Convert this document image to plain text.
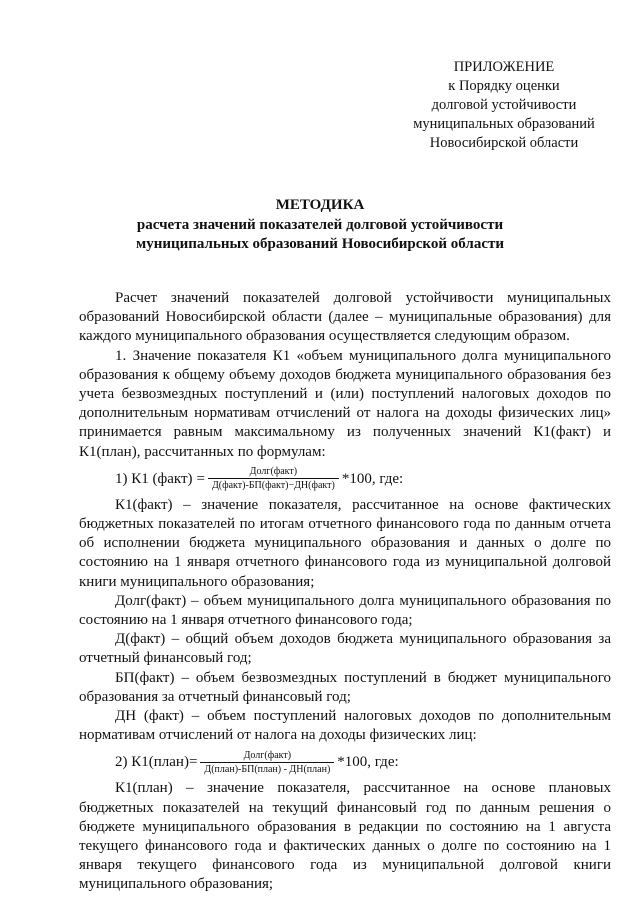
ПРИЛОЖЕНИЕ
к Порядку оценки
долговой устойчивости
муниципальных образований
Новосибирской области
МЕТОДИКА
расчета значений показателей долговой устойчивости
муниципальных образований Новосибирской области

Расчет значений показателей долговой устойчивости муниципальных образований Новосибирской области (далее – муниципальные образования) для каждого муниципального образования осуществляется следующим образом.

1. Значение показателя К1 «объем муниципального долга муниципального образования к общему объему доходов бюджета муниципального образования без учета безвозмездных поступлений и (или) поступлений налоговых доходов по дополнительным нормативам отчислений от налога на доходы физических лиц» принимается равным максимальному из полученных значений К1(факт) и К1(план), рассчитанных по формулам:

1) К1 (факт) = $\frac{\text{Долг(факт)}}{\text{Д(факт)-БП(факт)−ДН(факт)}} *100$, где:

К1(факт) – значение показателя, рассчитанное на основе фактических бюджетных показателей по итогам отчетного финансового года по данным отчета об исполнении бюджета муниципального образования и данных о долге по состоянию на 1 января отчетного финансового года из муниципальной долговой книги муниципального образования;

Долг(факт) – объем муниципального долга муниципального образования по состоянию на 1 января отчетного финансового года;

Д(факт) – общий объем доходов бюджета муниципального образования за отчетный финансовый год;

БП(факт) – объем безвозмездных поступлений в бюджет муниципального образования за отчетный финансовый год;

ДН (факт) – объем поступлений налоговых доходов по дополнительным нормативам отчислений от налога на доходы физических лиц:

2) К1(план)= $\frac{\text{Долг(факт)}}{\text{Д(план)-БП(план) - ДН(план)}} *100$, где:

К1(план) – значение показателя, рассчитанное на основе плановых бюджетных показателей на текущий финансовый год по данным решения о бюджете муниципального образования в редакции по состоянию на 1 августа текущего финансового года и фактических данных о долге по состоянию на 1 января текущего финансового года из муниципальной долговой книги муниципального образования;
